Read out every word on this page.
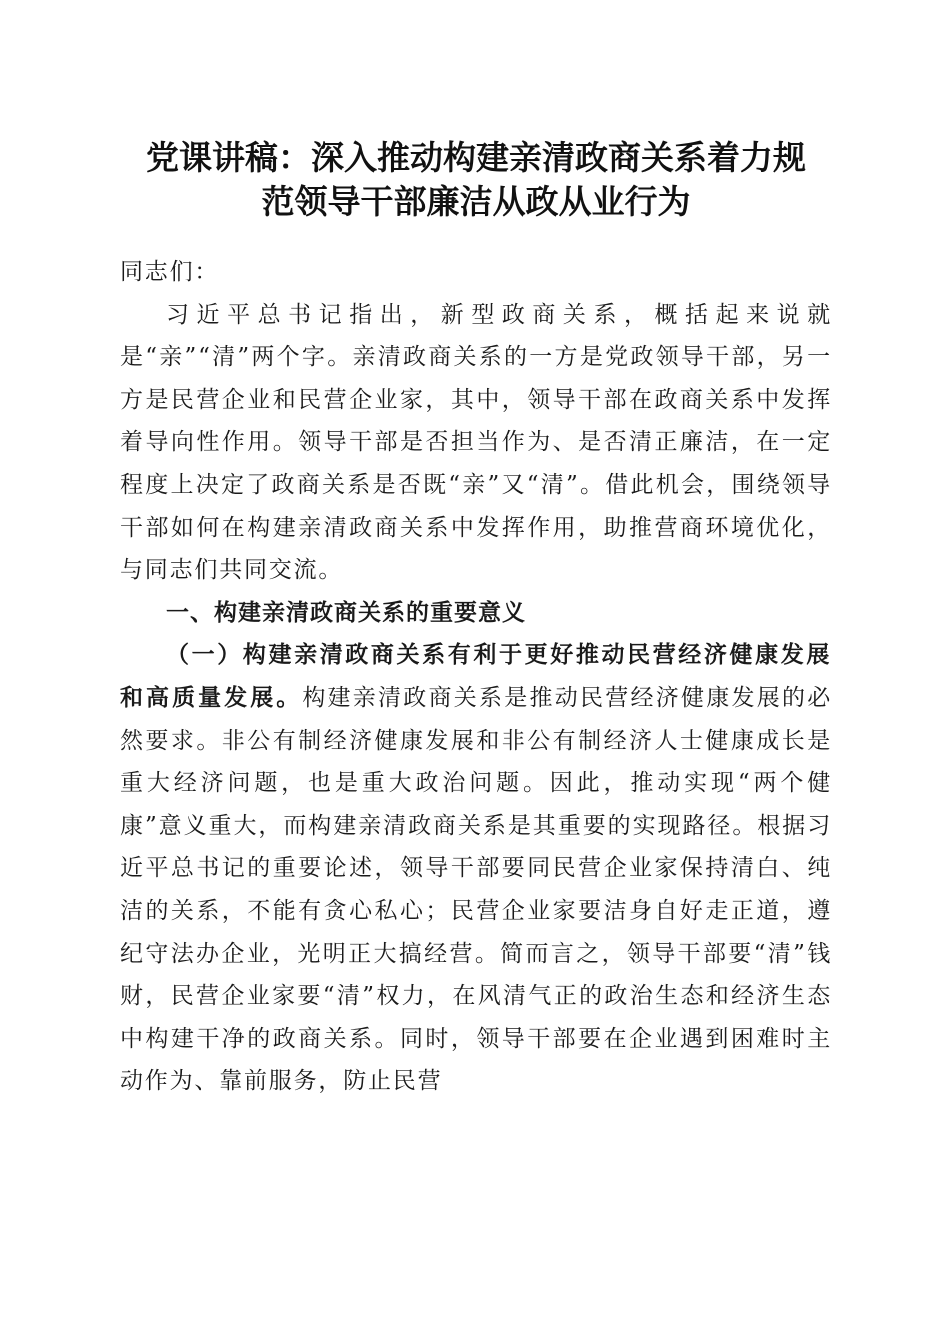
党课讲稿：深入推动构建亲清政商关系着力规
范领导干部廉洁从政从业行为

同志们：

习近平总书记指出，新型政商关系，概括起来说就是“亲”“清”两个字。亲清政商关系的一方是党政领导干部，另一方是民营企业和民营企业家，其中，领导干部在政商关系中发挥着导向性作用。领导干部是否担当作为、是否清正廉洁，在一定程度上决定了政商关系是否既“亲”又“清”。借此机会，围绕领导干部如何在构建亲清政商关系中发挥作用，助推营商环境优化，与同志们共同交流。

一、构建亲清政商关系的重要意义

（一）构建亲清政商关系有利于更好推动民营经济健康发展和高质量发展。构建亲清政商关系是推动民营经济健康发展的必然要求。非公有制经济健康发展和非公有制经济人士健康成长是重大经济问题，也是重大政治问题。因此，推动实现“两个健康”意义重大，而构建亲清政商关系是其重要的实现路径。根据习近平总书记的重要论述，领导干部要同民营企业家保持清白、纯洁的关系，不能有贪心私心；民营企业家要洁身自好走正道，遵纪守法办企业，光明正大搞经营。简而言之，领导干部要“清”钱财，民营企业家要“清”权力，在风清气正的政治生态和经济生态中构建干净的政商关系。同时，领导干部要在企业遇到困难时主动作为、靠前服务，防止民营
